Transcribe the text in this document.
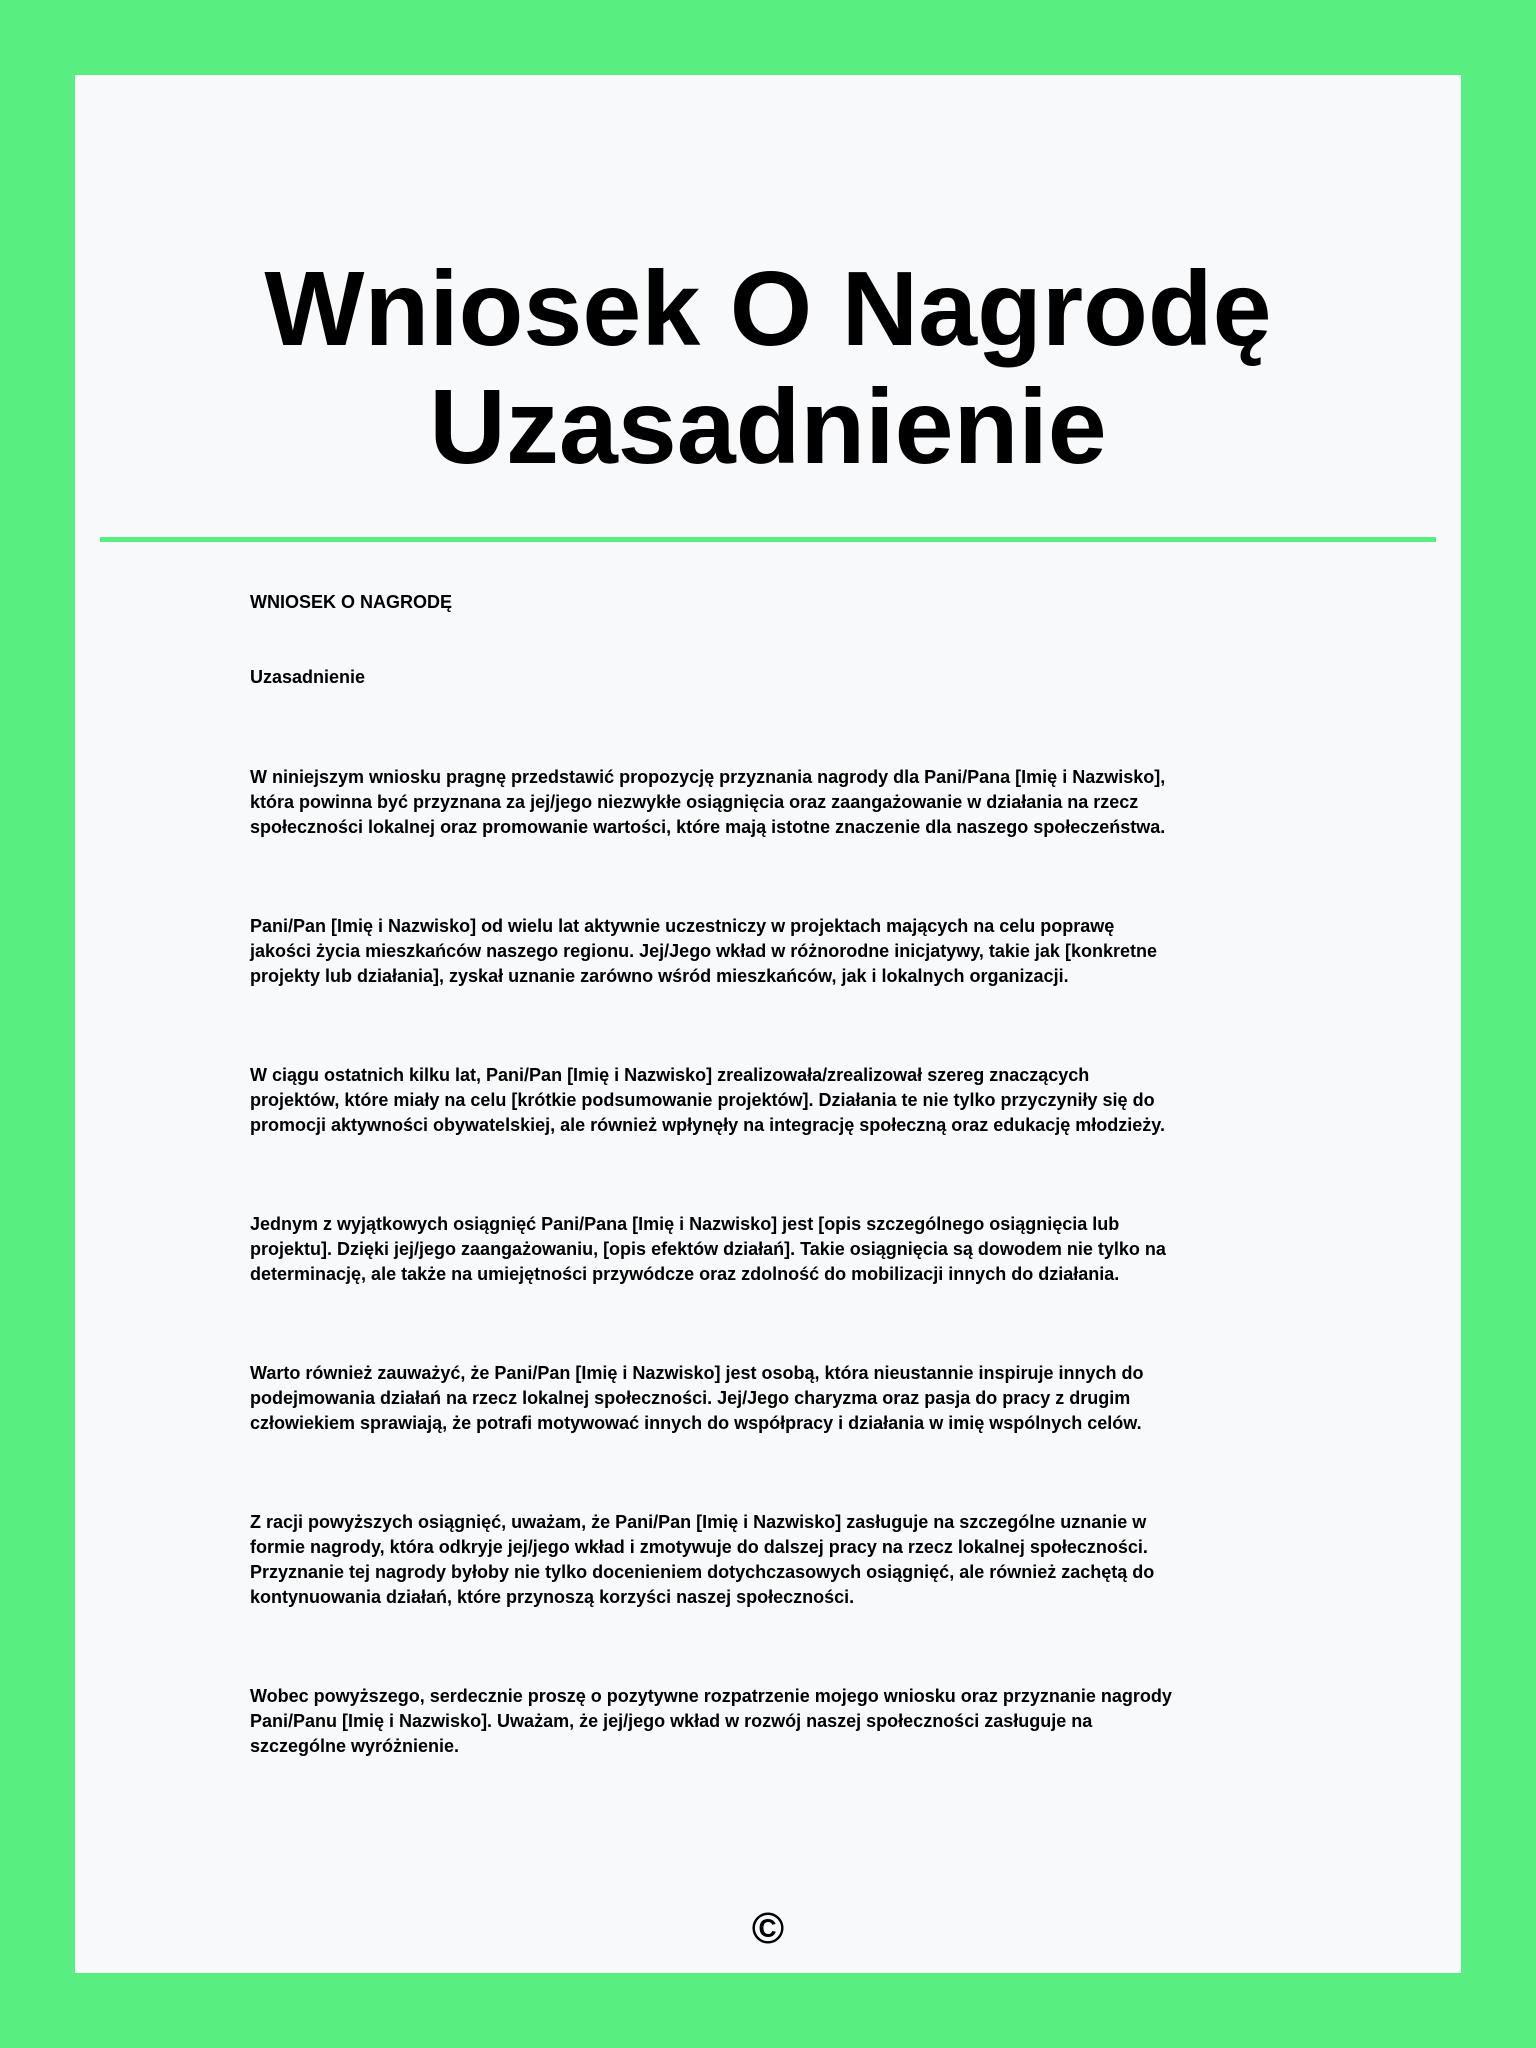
Wniosek O Nagrodę
Uzasadnienie
WNIOSEK O NAGRODĘ
Uzasadnienie

W niniejszym wniosku pragnę przedstawić propozycję przyznania nagrody dla Pani/Pana [Imię i Nazwisko],
która powinna być przyznana za jej/jego niezwykłe osiągnięcia oraz zaangażowanie w działania na rzecz
społeczności lokalnej oraz promowanie wartości, które mają istotne znaczenie dla naszego społeczeństwa.

Pani/Pan [Imię i Nazwisko] od wielu lat aktywnie uczestniczy w projektach mających na celu poprawę
jakości życia mieszkańców naszego regionu. Jej/Jego wkład w różnorodne inicjatywy, takie jak [konkretne
projekty lub działania], zyskał uznanie zarówno wśród mieszkańców, jak i lokalnych organizacji.

W ciągu ostatnich kilku lat, Pani/Pan [Imię i Nazwisko] zrealizowała/zrealizował szereg znaczących
projektów, które miały na celu [krótkie podsumowanie projektów]. Działania te nie tylko przyczyniły się do
promocji aktywności obywatelskiej, ale również wpłynęły na integrację społeczną oraz edukację młodzieży.

Jednym z wyjątkowych osiągnięć Pani/Pana [Imię i Nazwisko] jest [opis szczególnego osiągnięcia lub
projektu]. Dzięki jej/jego zaangażowaniu, [opis efektów działań]. Takie osiągnięcia są dowodem nie tylko na
determinację, ale także na umiejętności przywódcze oraz zdolność do mobilizacji innych do działania.

Warto również zauważyć, że Pani/Pan [Imię i Nazwisko] jest osobą, która nieustannie inspiruje innych do
podejmowania działań na rzecz lokalnej społeczności. Jej/Jego charyzma oraz pasja do pracy z drugim
człowiekiem sprawiają, że potrafi motywować innych do współpracy i działania w imię wspólnych celów.

Z racji powyższych osiągnięć, uważam, że Pani/Pan [Imię i Nazwisko] zasługuje na szczególne uznanie w
formie nagrody, która odkryje jej/jego wkład i zmotywuje do dalszej pracy na rzecz lokalnej społeczności.
Przyznanie tej nagrody byłoby nie tylko docenieniem dotychczasowych osiągnięć, ale również zachętą do
kontynuowania działań, które przynoszą korzyści naszej społeczności.

Wobec powyższego, serdecznie proszę o pozytywne rozpatrzenie mojego wniosku oraz przyznanie nagrody
Pani/Panu [Imię i Nazwisko]. Uważam, że jej/jego wkład w rozwój naszej społeczności zasługuje na
szczególne wyróżnienie.

©
